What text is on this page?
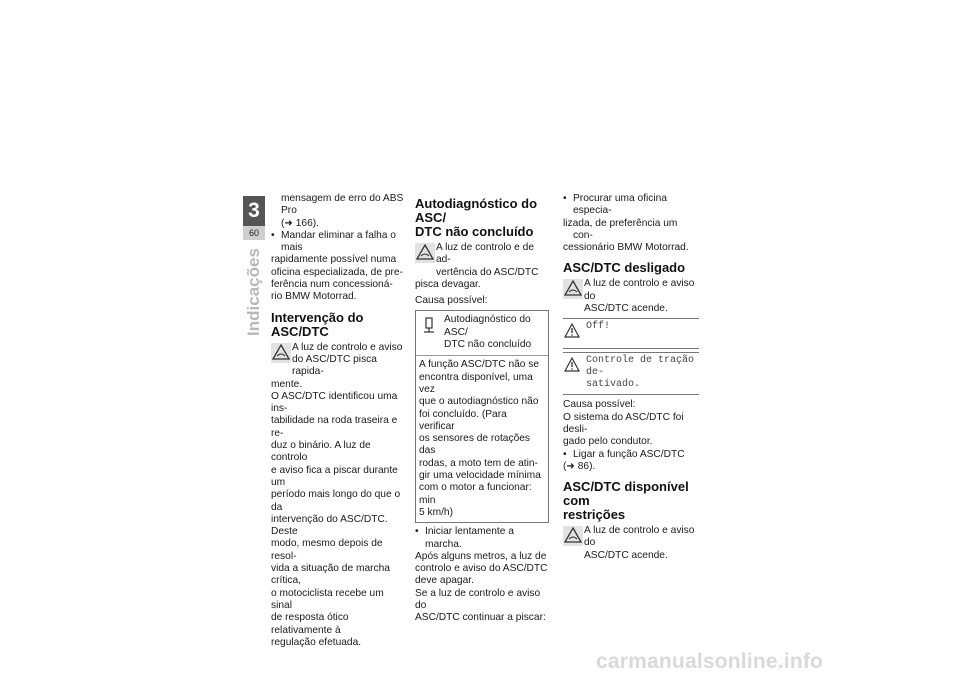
3
60
Indicações

mensagem de erro do ABS Pro

(➜ 166).

• Mandar eliminar a falha o mais
rapidamente possível numa
oficina especializada, de pre-
ferência num concessioná-
rio BMW Motorrad.
Intervenção do ASC/DTC

A luz de controlo e aviso

do ASC/DTC pisca rapida-

mente.

O ASC/DTC identificou uma ins-

tabilidade na roda traseira e re-

duz o binário. A luz de controlo

e aviso fica a piscar durante um

período mais longo do que o da

intervenção do ASC/DTC. Deste

modo, mesmo depois de resol-

vida a situação de marcha crítica,

o motociclista recebe um sinal

de resposta ótico relativamente à

regulação efetuada.

Autodiagnóstico do ASC/
DTC não concluído

A luz de controlo e de ad-

vertência do ASC/DTC

pisca devagar.

Causa possível:

Autodiagnóstico do ASC/

DTC não concluído

A função ASC/DTC não se

encontra disponível, uma vez

que o autodiagnóstico não

foi concluído. (Para verificar

os sensores de rotações das

rodas, a moto tem de atin-

gir uma velocidade mínima

com o motor a funcionar: min

5 km/h)

• Iniciar lentamente a marcha.
Após alguns metros, a luz de
controlo e aviso do ASC/DTC
deve apagar.

Se a luz de controlo e aviso do

ASC/DTC continuar a piscar:

• Procurar uma oficina especia-
lizada, de preferência um con-
cessionário BMW Motorrad.
ASC/DTC desligado

A luz de controlo e aviso do

ASC/DTC acende.

Off!

Controle de tração de-

sativado.

Causa possível:

O sistema do ASC/DTC foi desli-

gado pelo condutor.

• Ligar a função ASC/DTC
(➜ 86).
ASC/DTC disponível com
restrições

A luz de controlo e aviso do

ASC/DTC acende.

carmanualsonline.info
